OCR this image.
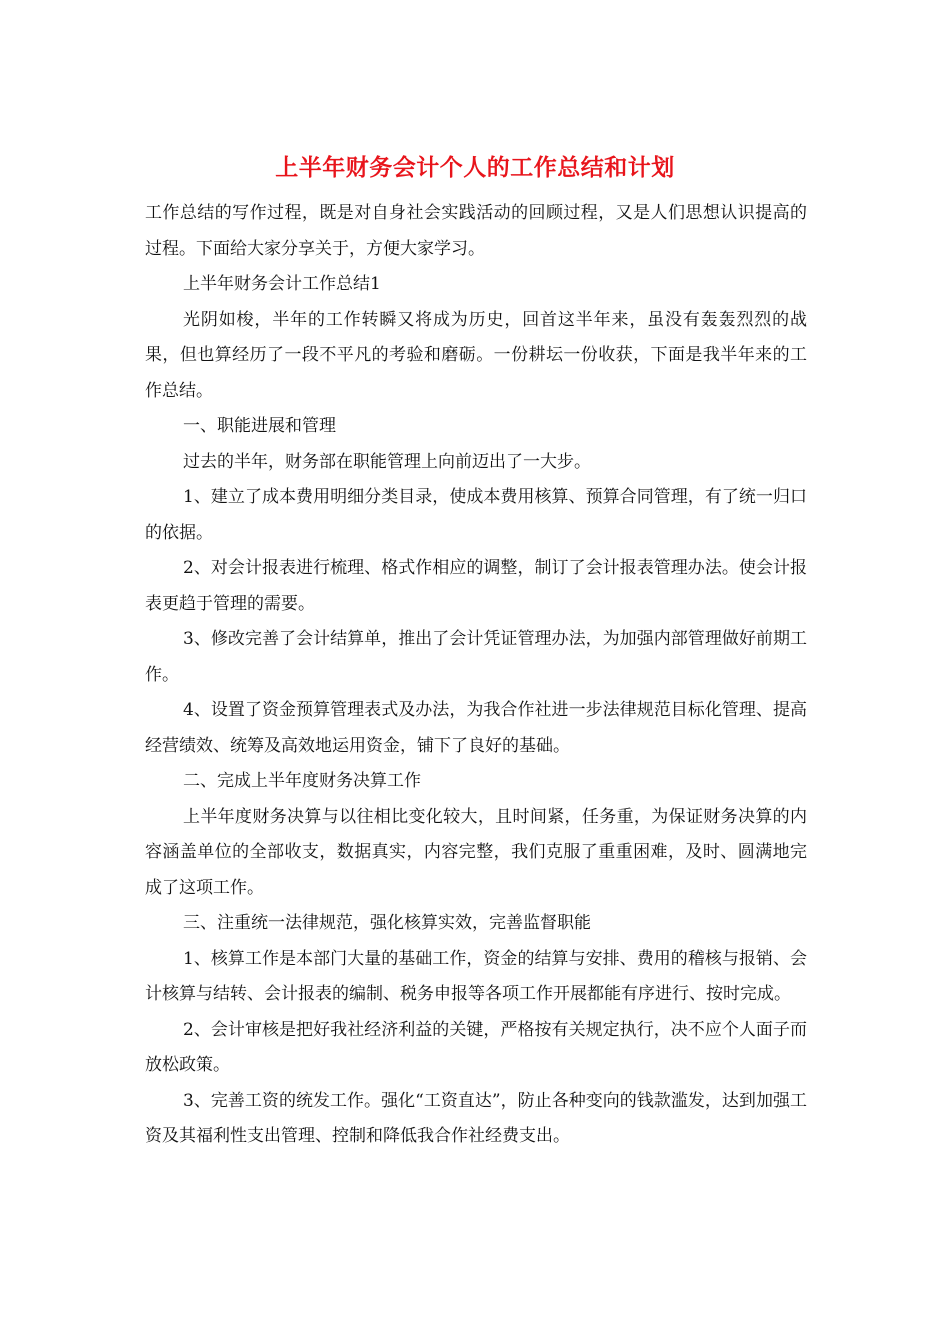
上半年财务会计个人的工作总结和计划

工作总结的写作过程，既是对自身社会实践活动的回顾过程，又是人们思想认识提高的过程。下面给大家分享关于，方便大家学习。

上半年财务会计工作总结1

光阴如梭，半年的工作转瞬又将成为历史，回首这半年来，虽没有轰轰烈烈的战果，但也算经历了一段不平凡的考验和磨砺。一份耕坛一份收获，下面是我半年来的工作总结。

一、职能进展和管理

过去的半年，财务部在职能管理上向前迈出了一大步。

1、建立了成本费用明细分类目录，使成本费用核算、预算合同管理，有了统一归口的依据。

2、对会计报表进行梳理、格式作相应的调整，制订了会计报表管理办法。使会计报表更趋于管理的需要。

3、修改完善了会计结算单，推出了会计凭证管理办法，为加强内部管理做好前期工作。

4、设置了资金预算管理表式及办法，为我合作社进一步法律规范目标化管理、提高经营绩效、统筹及高效地运用资金，铺下了良好的基础。

二、完成上半年度财务决算工作

上半年度财务决算与以往相比变化较大，且时间紧，任务重，为保证财务决算的内容涵盖单位的全部收支，数据真实，内容完整，我们克服了重重困难，及时、圆满地完成了这项工作。

三、注重统一法律规范，强化核算实效，完善监督职能

1、核算工作是本部门大量的基础工作，资金的结算与安排、费用的稽核与报销、会计核算与结转、会计报表的编制、税务申报等各项工作开展都能有序进行、按时完成。

2、会计审核是把好我社经济利益的关键，严格按有关规定执行，决不应个人面子而放松政策。

3、完善工资的统发工作。强化“工资直达”，防止各种变向的钱款滥发，达到加强工资及其福利性支出管理、控制和降低我合作社经费支出。
